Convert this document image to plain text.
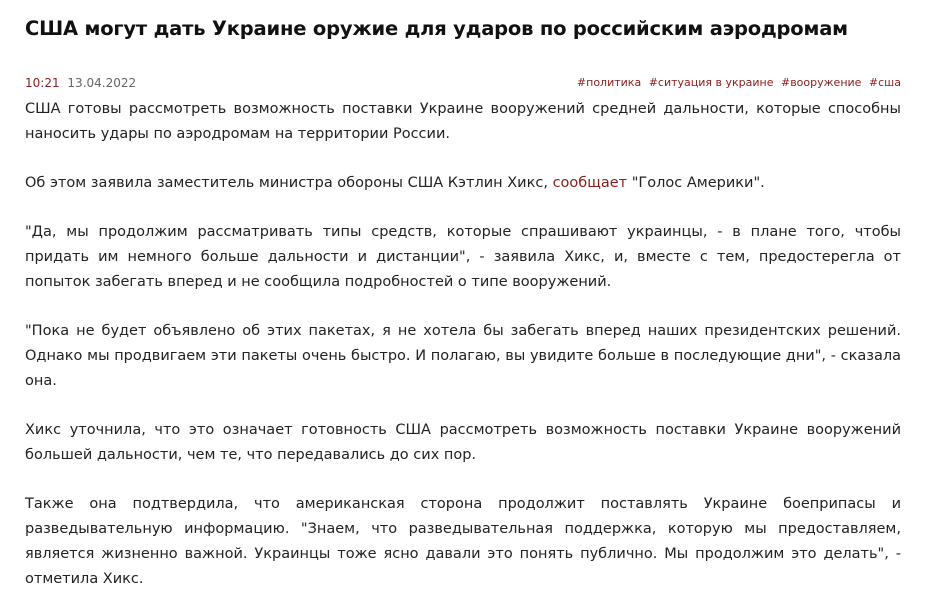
США могут дать Украине оружие для ударов по российским аэродромам
10:21 13.04.2022	#политика #ситуация в украине #вооружение #сша

США готовы рассмотреть возможность поставки Украине вооружений средней дальности, которые способны наносить удары по аэродромам на территории России.

Об этом заявила заместитель министра обороны США Кэтлин Хикс, сообщает "Голос Америки".

"Да, мы продолжим рассматривать типы средств, которые спрашивают украинцы, - в плане того, чтобы придать им немного больше дальности и дистанции", - заявила Хикс, и, вместе с тем, предостерегла от попыток забегать вперед и не сообщила подробностей о типе вооружений.

"Пока не будет объявлено об этих пакетах, я не хотела бы забегать вперед наших президентских решений. Однако мы продвигаем эти пакеты очень быстро. И полагаю, вы увидите больше в последующие дни", - сказала она.

Хикс уточнила, что это означает готовность США рассмотреть возможность поставки Украине вооружений большей дальности, чем те, что передавались до сих пор.

Также она подтвердила, что американская сторона продолжит поставлять Украине боеприпасы и разведывательную информацию. "Знаем, что разведывательная поддержка, которую мы предоставляем, является жизненно важной. Украинцы тоже ясно давали это понять публично. Мы продолжим это делать", - отметила Хикс.
